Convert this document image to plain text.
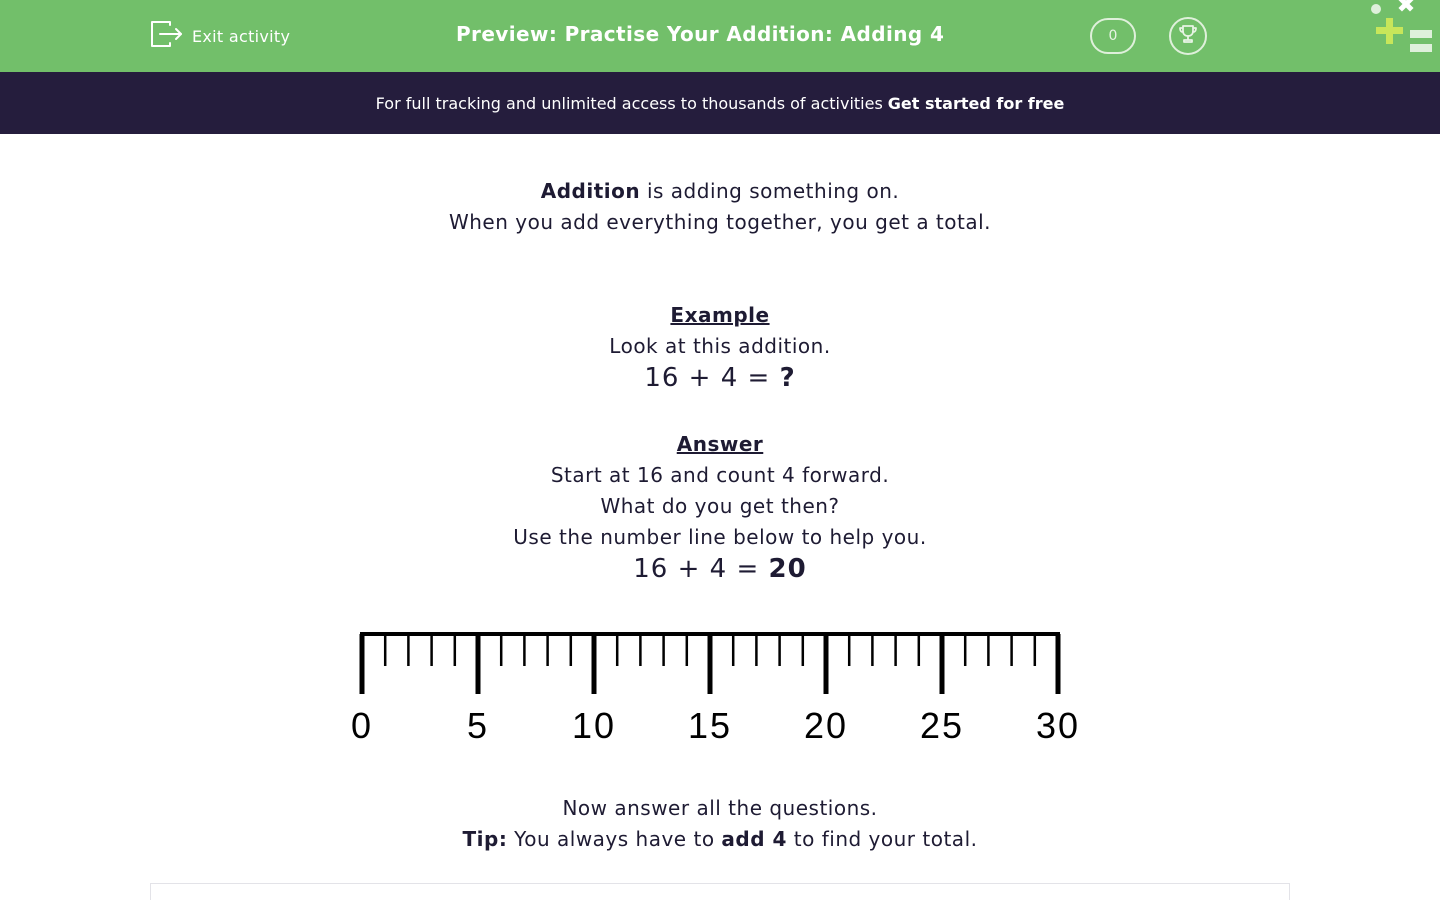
Exit activity	Preview: Practise Your Addition: Adding 4	0
For full tracking and unlimited access to thousands of activities Get started for free
Addition is adding something on.
When you add everything together, you get a total.
Example
Look at this addition.
16 + 4 = ?
Answer
Start at 16 and count 4 forward.
What do you get then?
Use the number line below to help you.
16 + 4 = 20
Now answer all the questions.
Tip: You always have to add 4 to find your total.
0	5 10 15 20 25 30
